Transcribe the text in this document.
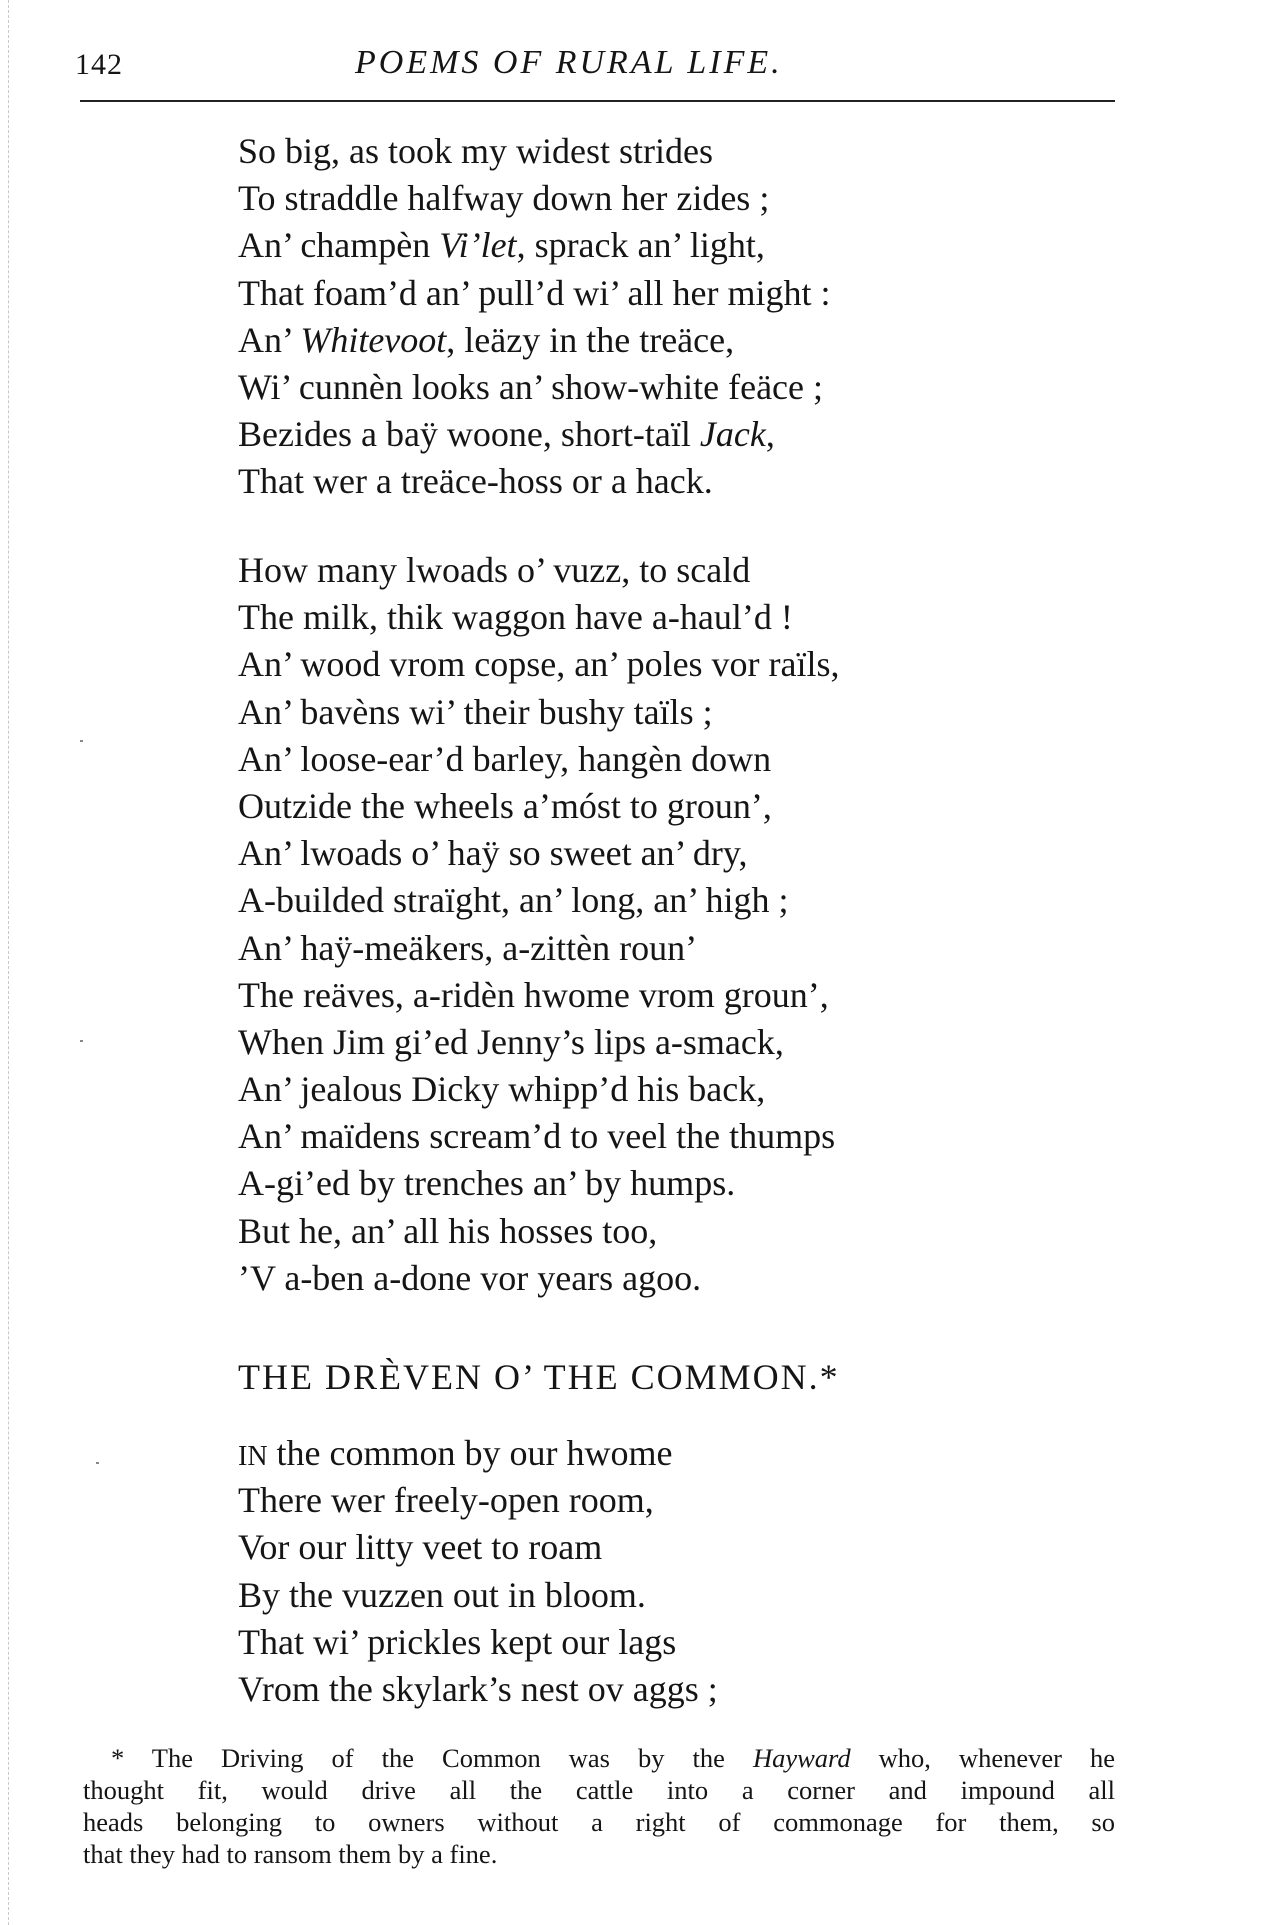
142	POEMS OF RURAL LIFE.
So big, as took my widest strides
To straddle halfway down her zides ;
An’ champèn Vi’let, sprack an’ light,
That foam’d an’ pull’d wi’ all her might :
An’ Whitevoot, leäzy in the treäce,
Wi’ cunnèn looks an’ show-white feäce ;
Bezides a baÿ woone, short-taïl Jack,
That wer a treäce-hoss or a hack.
How many lwoads o’ vuzz, to scald
The milk, thik waggon have a-haul’d !
An’ wood vrom copse, an’ poles vor raïls,
An’ bavèns wi’ their bushy taïls ;
An’ loose-ear’d barley, hangèn down
Outzide the wheels a’móst to groun’,
An’ lwoads o’ haÿ so sweet an’ dry,
A-builded straïght, an’ long, an’ high ;
An’ haÿ-meäkers, a-zittèn roun’
The reäves, a-ridèn hwome vrom groun’,
When Jim gi’ed Jenny’s lips a-smack,
An’ jealous Dicky whipp’d his back,
An’ maïdens scream’d to veel the thumps
A-gi’ed by trenches an’ by humps.
But he, an’ all his hosses too,
’V a-ben a-done vor years agoo.
THE DRÈVEN O’ THE COMMON.*
IN the common by our hwome
There wer freely-open room,
Vor our litty veet to roam
By the vuzzen out in bloom.
That wi’ prickles kept our lags
Vrom the skylark’s nest ov aggs ;
* The Driving of the Common was by the Hayward who, whenever he
thought fit, would drive all the cattle into a corner and impound all
heads belonging to owners without a right of commonage for them, so
that they had to ransom them by a fine.
